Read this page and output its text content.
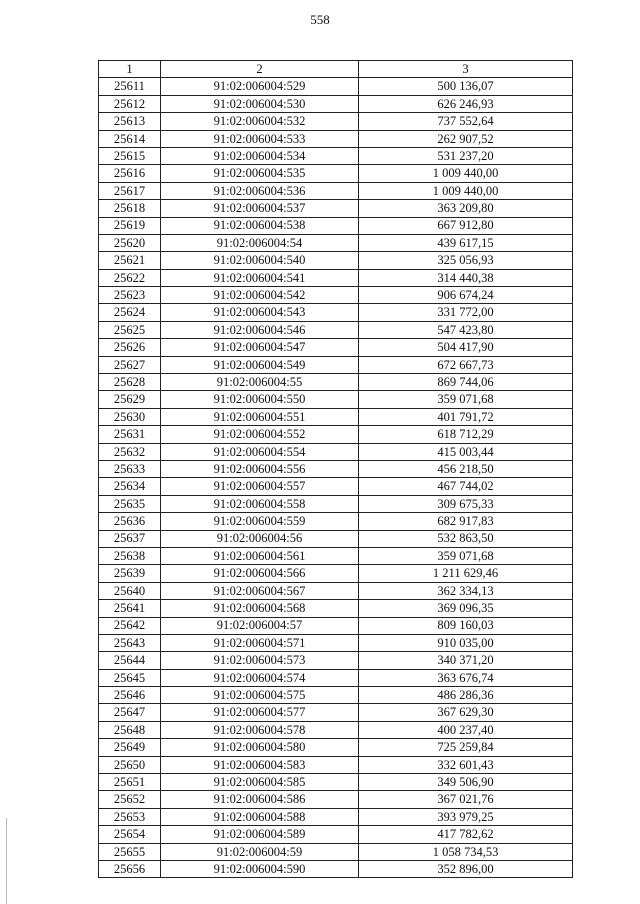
558
1	2	3
25611	91:02:006004:529	500 136,07
25612	91:02:006004:530	626 246,93
25613	91:02:006004:532	737 552,64
25614	91:02:006004:533	262 907,52
25615	91:02:006004:534	531 237,20
25616	91:02:006004:535	1 009 440,00
25617	91:02:006004:536	1 009 440,00
25618	91:02:006004:537	363 209,80
25619	91:02:006004:538	667 912,80
25620	91:02:006004:54	439 617,15
25621	91:02:006004:540	325 056,93
25622	91:02:006004:541	314 440,38
25623	91:02:006004:542	906 674,24
25624	91:02:006004:543	331 772,00
25625	91:02:006004:546	547 423,80
25626	91:02:006004:547	504 417,90
25627	91:02:006004:549	672 667,73
25628	91:02:006004:55	869 744,06
25629	91:02:006004:550	359 071,68
25630	91:02:006004:551	401 791,72
25631	91:02:006004:552	618 712,29
25632	91:02:006004:554	415 003,44
25633	91:02:006004:556	456 218,50
25634	91:02:006004:557	467 744,02
25635	91:02:006004:558	309 675,33
25636	91:02:006004:559	682 917,83
25637	91:02:006004:56	532 863,50
25638	91:02:006004:561	359 071,68
25639	91:02:006004:566	1 211 629,46
25640	91:02:006004:567	362 334,13
25641	91:02:006004:568	369 096,35
25642	91:02:006004:57	809 160,03
25643	91:02:006004:571	910 035,00
25644	91:02:006004:573	340 371,20
25645	91:02:006004:574	363 676,74
25646	91:02:006004:575	486 286,36
25647	91:02:006004:577	367 629,30
25648	91:02:006004:578	400 237,40
25649	91:02:006004:580	725 259,84
25650	91:02:006004:583	332 601,43
25651	91:02:006004:585	349 506,90
25652	91:02:006004:586	367 021,76
25653	91:02:006004:588	393 979,25
25654	91:02:006004:589	417 782,62
25655	91:02:006004:59	1 058 734,53
25656	91:02:006004:590	352 896,00
